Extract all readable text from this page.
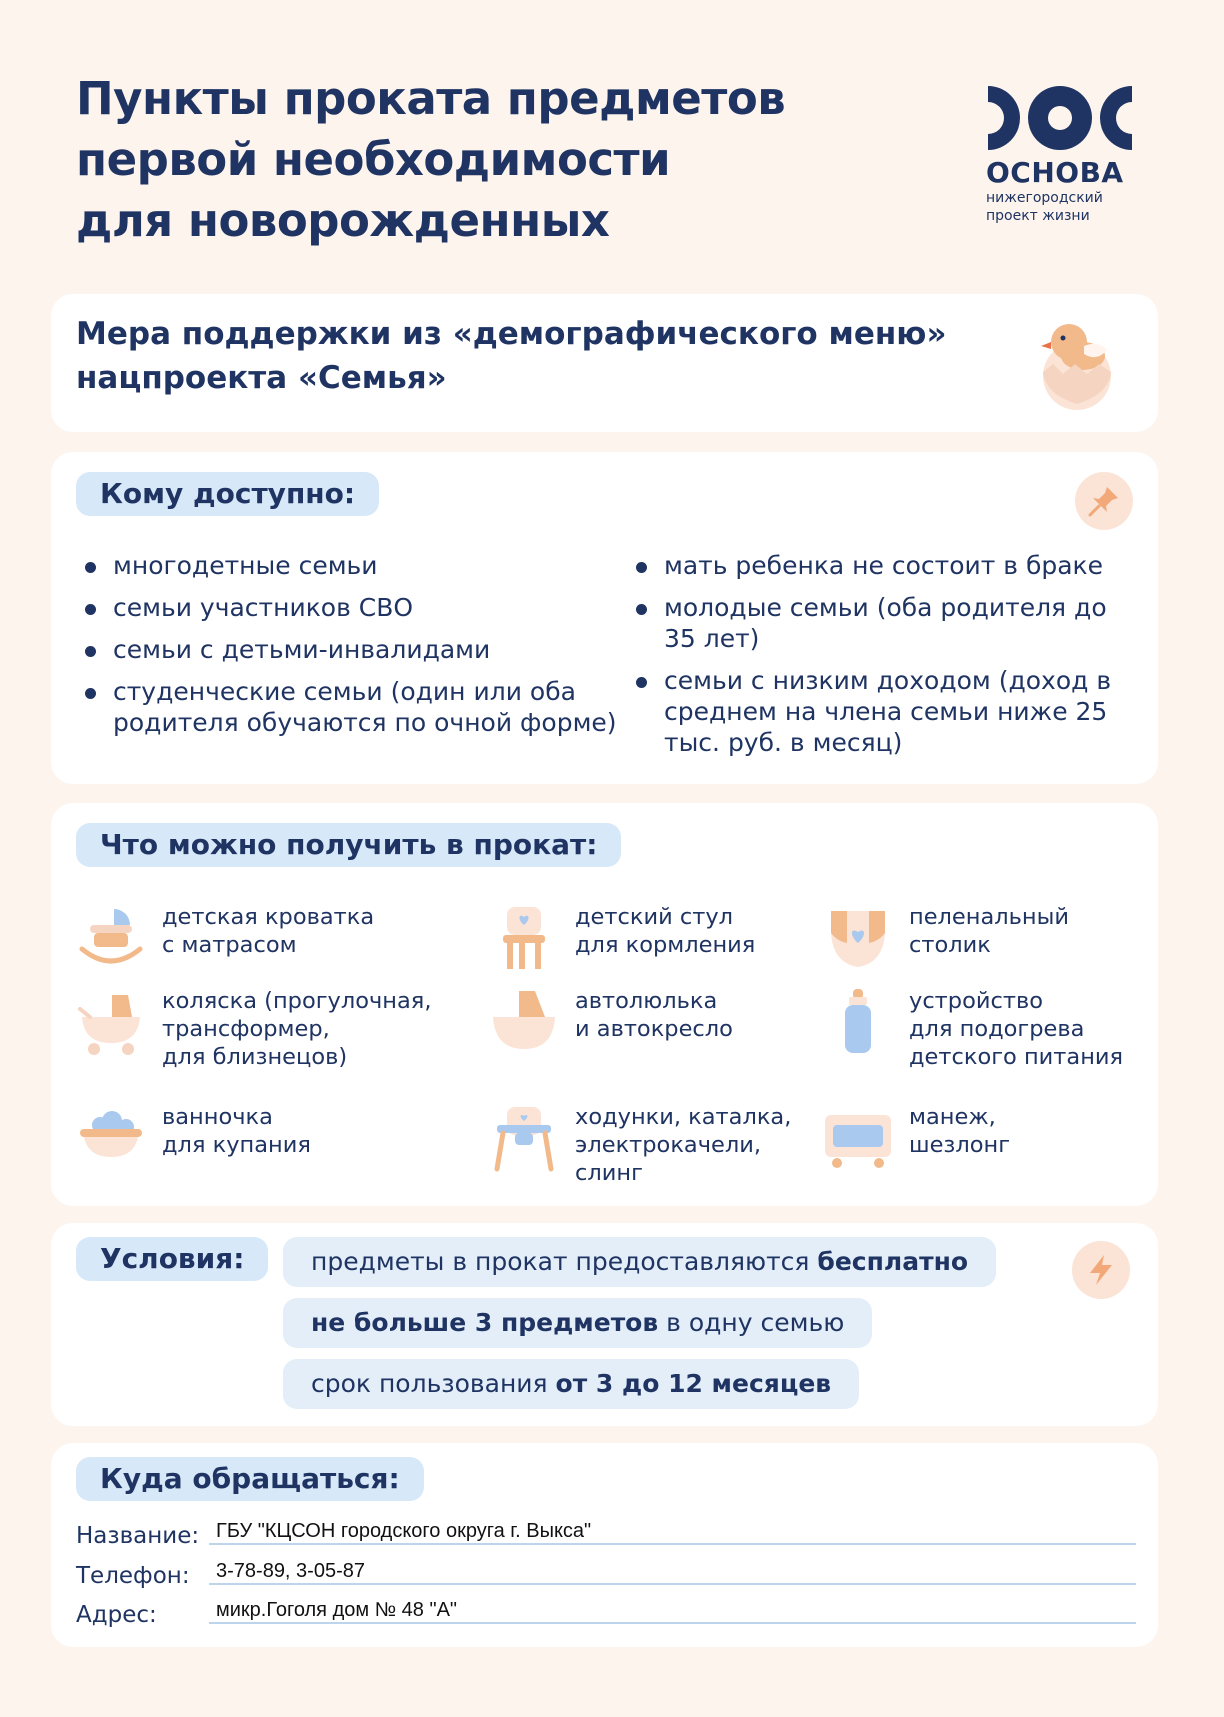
Пункты проката предметов
первой необходимости
для новорожденных
ОСНОВА
нижегородский
проект жизни
Мера поддержки из «демографического меню»
нацпроекта «Семья»
Кому доступно:
многодетные семьи
семьи участников СВО
семьи с детьми-инвалидами
студенческие семьи (один или оба родителя обучаются по очной форме)
мать ребенка не состоит в браке
молодые семьи (оба родителя до 35 лет)
семьи с низким доходом (доход в среднем на члена семьи ниже 25 тыс. руб. в месяц)
Что можно получить в прокат:
детская кроватка
с матрасом
детский стул
для кормления
пеленальный
столик
коляска (прогулочная,
трансформер,
для близнецов)
автолюлька
и автокресло
устройство
для подогрева
детского питания
ванночка
для купания
ходунки, каталка,
электрокачели,
слинг
манеж,
шезлонг
Условия:	предметы в прокат предоставляются бесплатно
не больше 3 предметов в одну семью
срок пользования от 3 до 12 месяцев
Куда обращаться:
Название: ГБУ "КЦСОН городского округа г. Выкса"
Телефон: 3-78-89, 3-05-87
Адрес:	микр.Гоголя дом № 48 "А"
